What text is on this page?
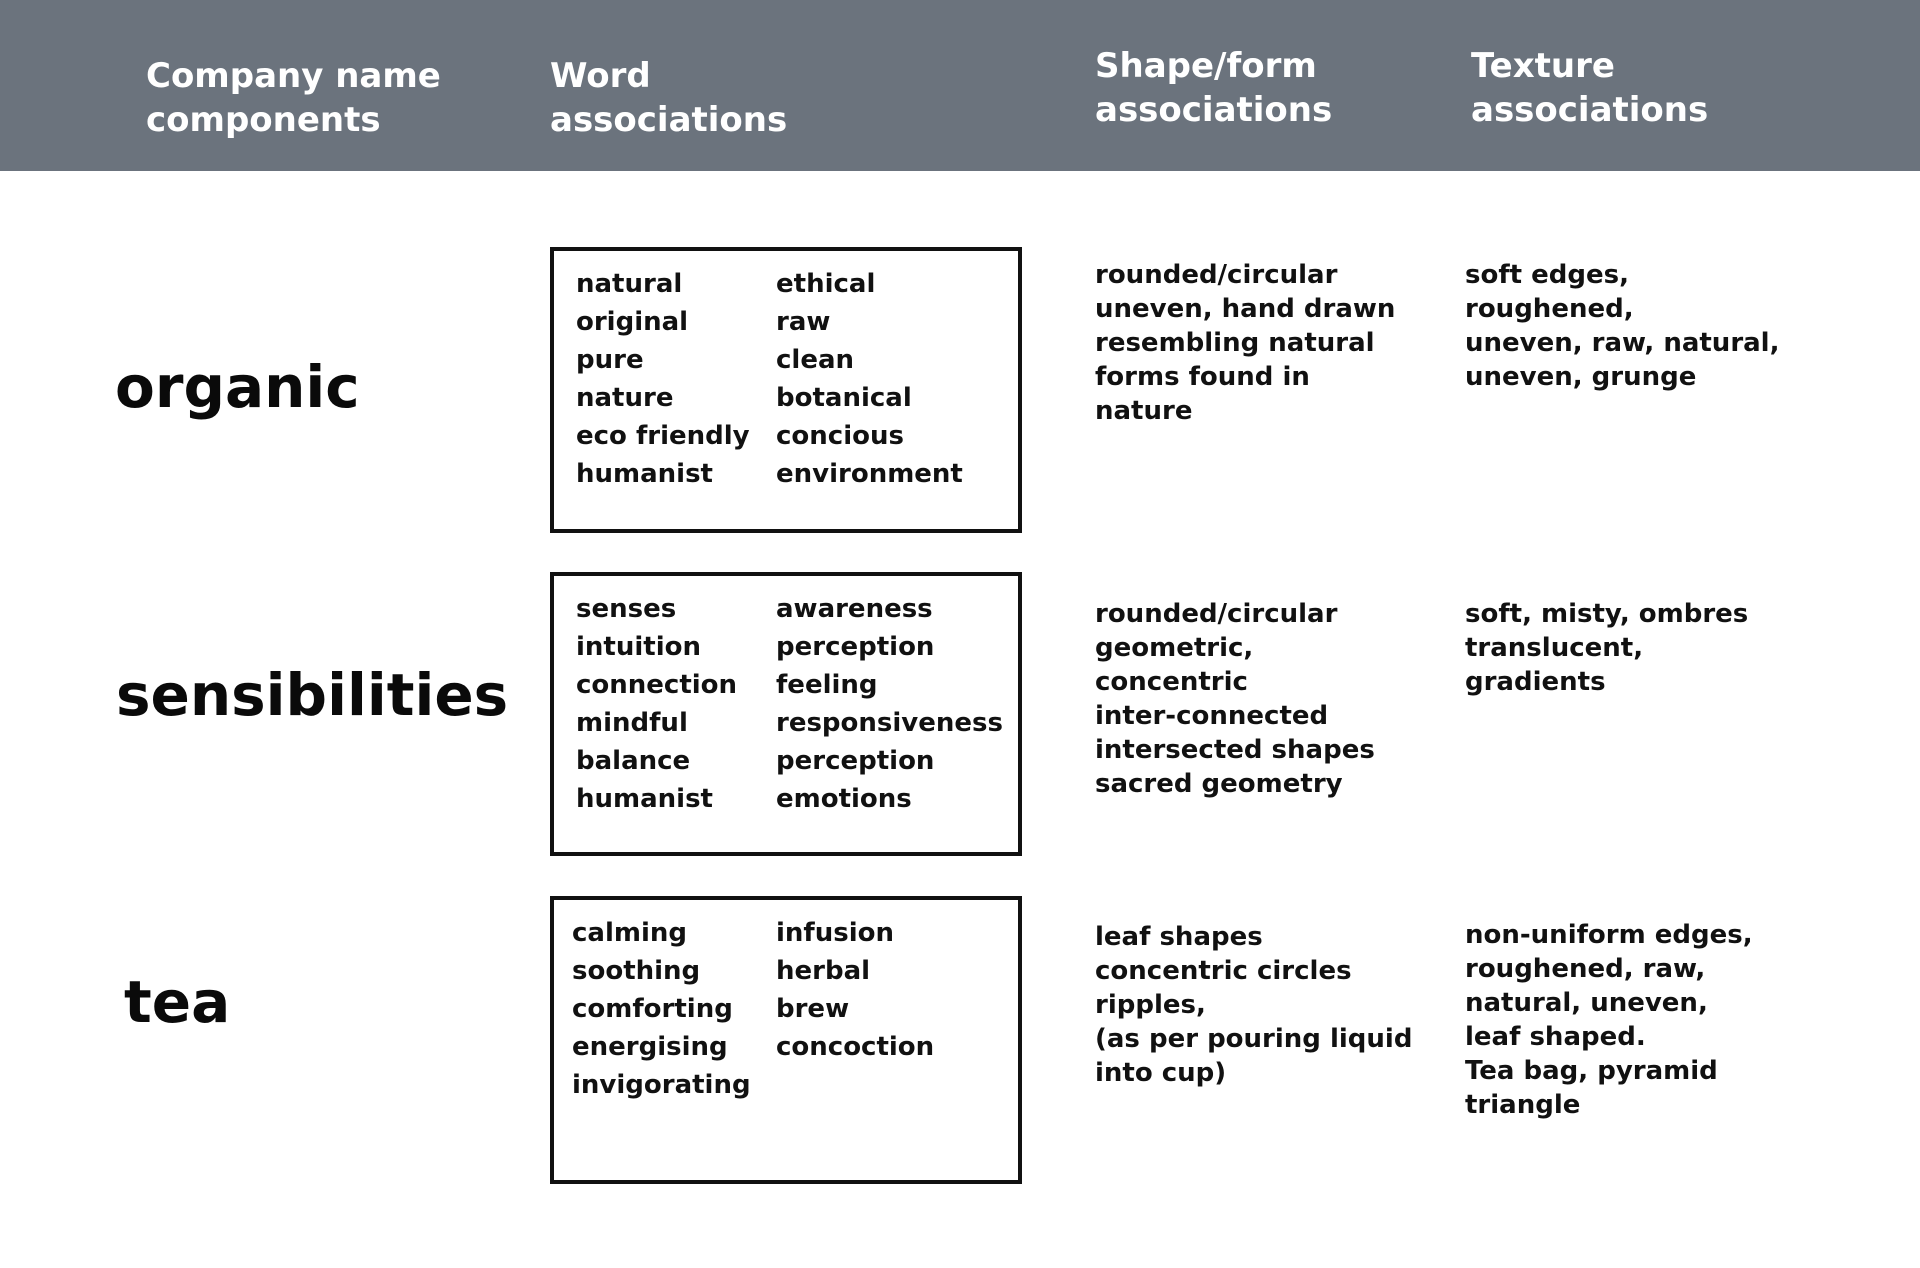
Company name
components
Word
associations
Shape/form
associations
Texture
associations
organic
natural
original
pure
nature
eco friendly
humanist
ethical
raw
clean
botanical
concious
environment
rounded/circular
uneven, hand drawn
resembling natural
forms found in
nature
soft edges,
roughened,
uneven, raw, natural,
uneven, grunge
sensibilities
senses
intuition
connection
mindful
balance
humanist
awareness
perception
feeling
responsiveness
perception
emotions
rounded/circular
geometric,
concentric
inter-connected
intersected shapes
sacred geometry
soft, misty, ombres
translucent,
gradients
tea
calming
soothing
comforting
energising
invigorating
infusion
herbal
brew
concoction
leaf shapes
concentric circles
ripples,
(as per pouring liquid
into cup)
non-uniform edges,
roughened, raw,
natural, uneven,
leaf shaped.
Tea bag, pyramid
triangle
